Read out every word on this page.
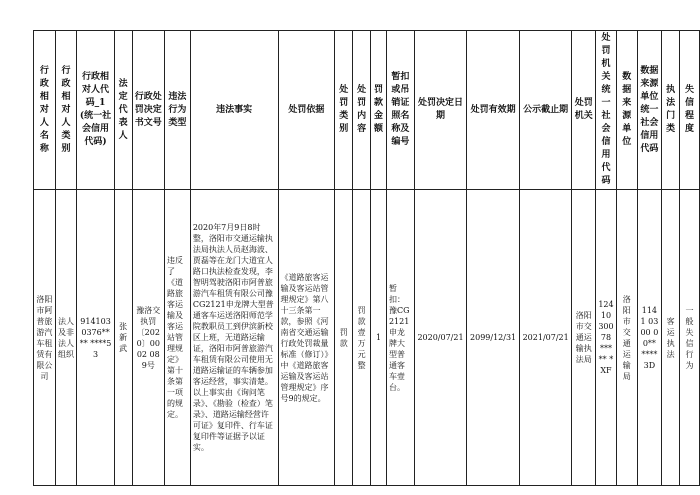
行政相对人名称	行政相对人类别	行政相对人代码_1(统一社会信用代码)	法定代表人	行政处罚决定书文号	违法行为类型	违法事实	处罚依据	处罚类别	处罚内容	罚款金额	暂扣或吊销证照名称及编号	处罚决定日期	处罚有效期	公示截止期	处罚机关	处罚机关统一社会信用代码	数据来源单位	数据来源单位统一社会信用代码	执法门类	失信程度
洛阳市阿普旅游汽车租赁有限公司	法人及非法人组织	914103 0376**** ****53	张新武	豫洛交执罚〔2020〕0002 089号	违反了《道路旅客运输及客运站管理规定》第十条第一项的规定。	2020年7月9日8时整，洛阳市交通运输执法局执法人员赵海波、贾磊等在龙门大道宜人路口执法检查发现，李智明驾驶洛阳市阿普旅游汽车租赁有限公司豫CG2121申龙牌大型普通客车运送洛阳师范学院教职员工到伊滨新校区上班，无道路运输证，洛阳市阿普旅游汽车租赁有限公司使用无道路运输证的车辆参加客运经营，事实清楚。以上事实由《询问笔录》、《勘验（检查）笔录》、道路运输经营许可证》复印件、行车证复印件等证据予以证实。	《道路旅客运输及客运站管理规定》第八十三条第一款，参照《河南省交通运输行政处罚裁量标准（修订）》中《道路旅客运输及客运站管理规定》序号9的规定。	罚款	罚款壹万元整	1	暂扣：豫CG2121申龙牌大型普通客车壹台。	2020/07/21	2099/12/31	2021/07/21	洛阳市交通运输执法局	12410 30078 ***** *XF	洛阳市交通运输局	1141 0300 00** ****3D	客运执法	一般失信行为
